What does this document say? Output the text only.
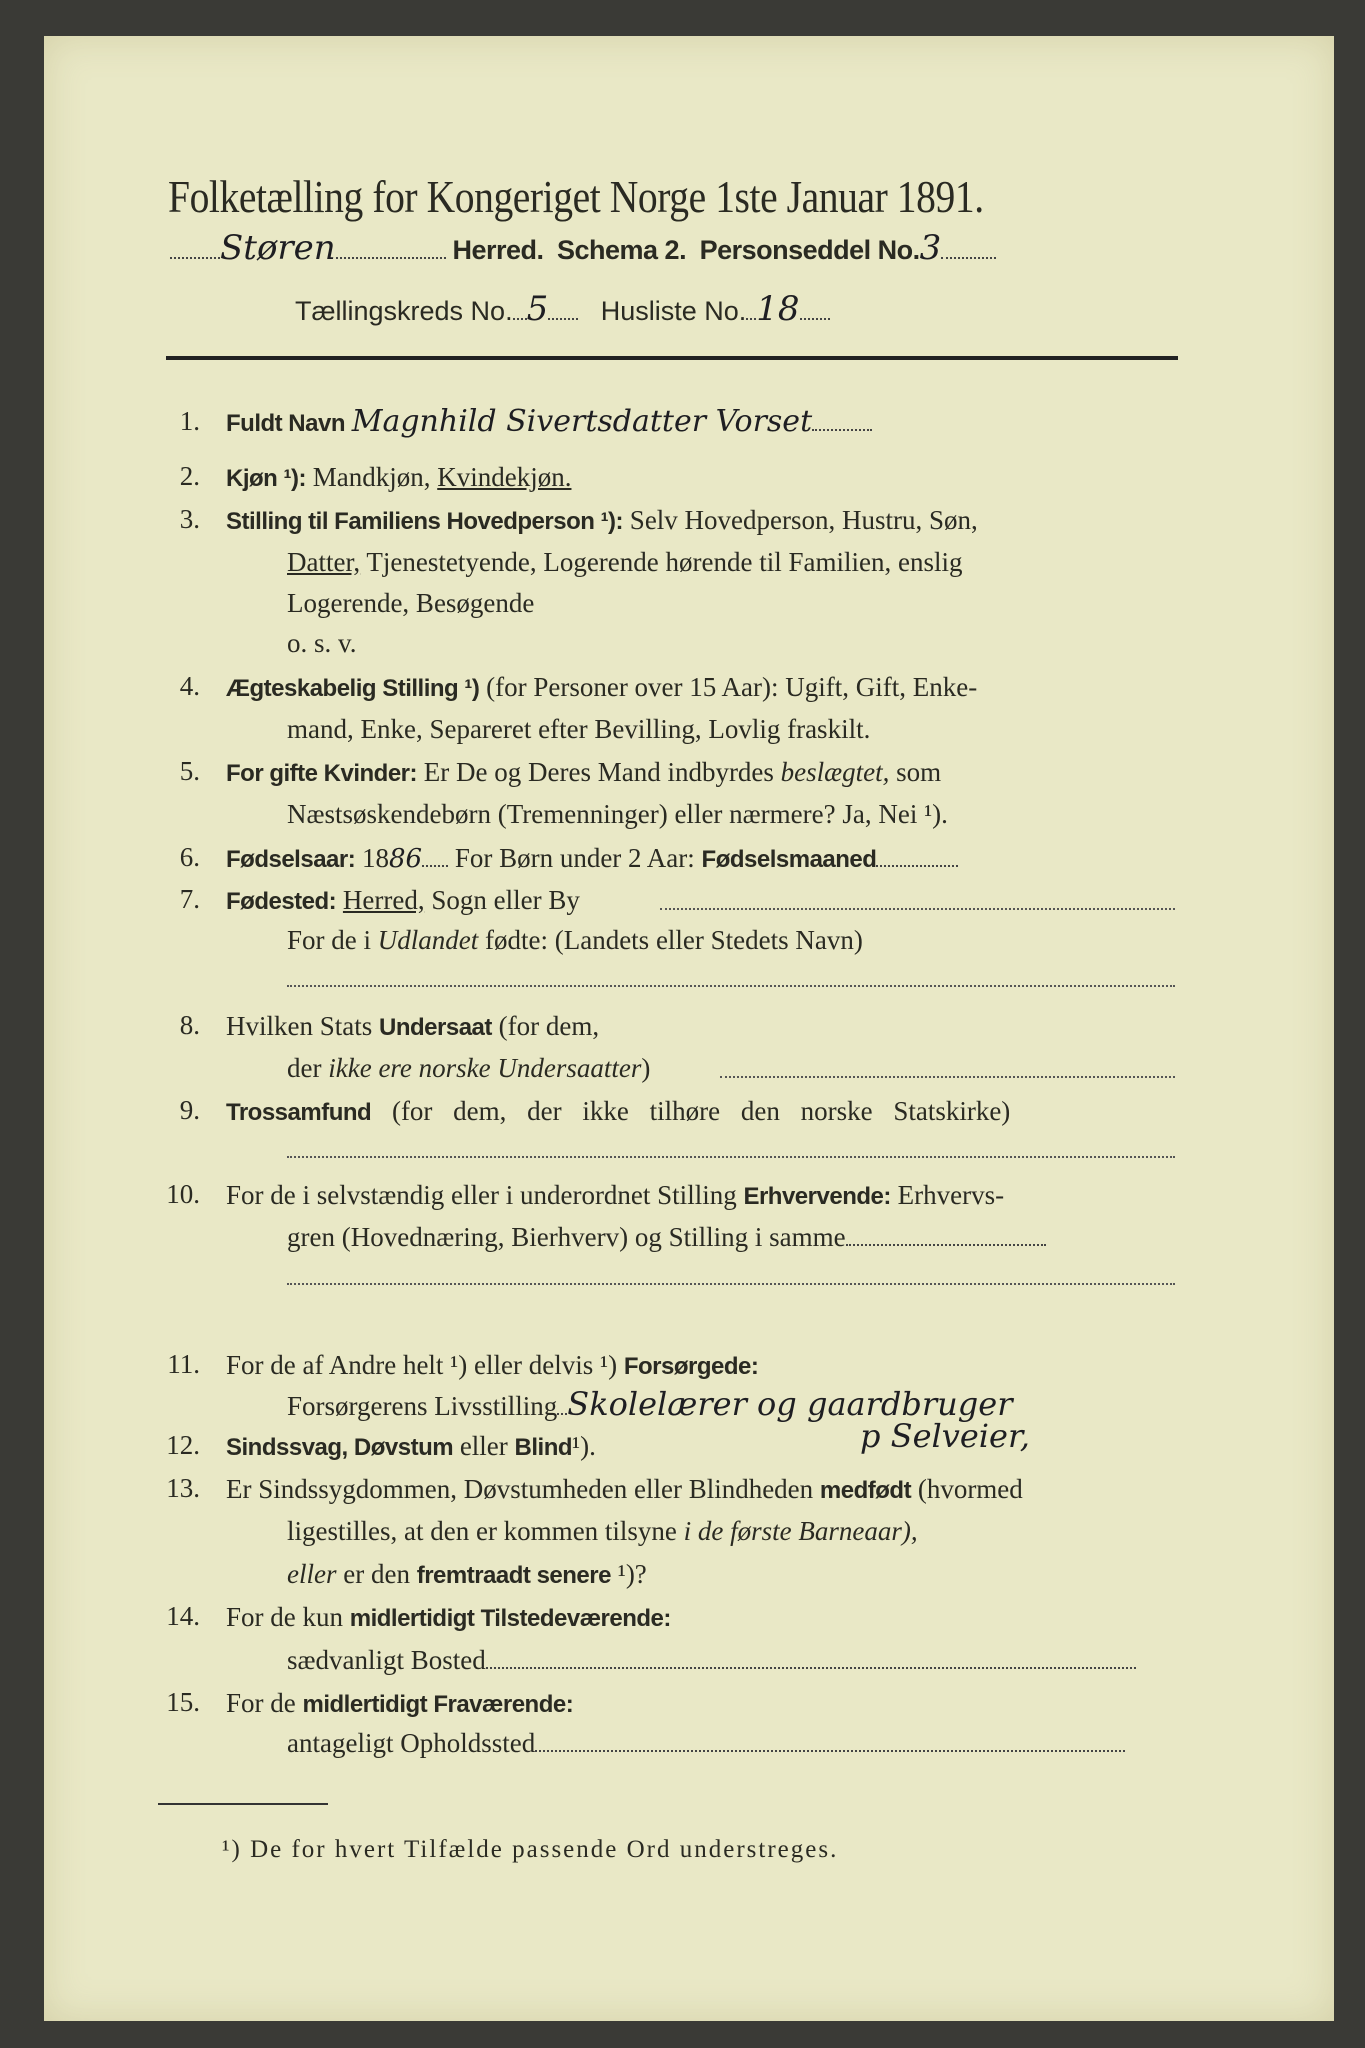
Folketælling for Kongeriget Norge 1ste Januar 1891.
Støren	Herred. Schema 2. Personseddel No.3
Tællingskreds No. 5 Husliste No. 18
1. Fuldt Navn Magnhild Sivertsdatter Vorset
2. Kjøn ¹): Mandkjøn, Kvindekjøn.
3. Stilling til Familiens Hovedperson ¹): Selv Hovedperson, Hustru, Søn,
Datter, Tjenestetyende, Logerende hørende til Familien, enslig
Logerende, Besøgende
o. s. v.
4. Ægteskabelig Stilling ¹) (for Personer over 15 Aar): Ugift, Gift, Enke-
mand, Enke, Separeret efter Bevilling, Lovlig fraskilt.
5. For gifte Kvinder: Er De og Deres Mand indbyrdes beslægtet, som
Næstsøskendebørn (Tremenninger) eller nærmere? Ja, Nei ¹).
6. Fødselsaar: 1886 For Børn under 2 Aar: Fødselsmaaned
7. Fødested: Herred, Sogn eller By
For de i Udlandet fødte: (Landets eller Stedets Navn)
8. Hvilken Stats Undersaat (for dem,
der ikke ere norske Undersaatter)
9. Trossamfund (for dem, der ikke tilhøre den norske Statskirke)
10. For de i selvstændig eller i underordnet Stilling Erhvervende: Erhvervs-
gren (Hovednæring, Bierhverv) og Stilling i samme
11. For de af Andre helt ¹) eller delvis ¹) Forsørgede:
Forsørgerens Livsstilling Skolelærer og gaardbruger
p Selveier,
12. Sindssvag, Døvstum eller Blind¹).
13. Er Sindssygdommen, Døvstumheden eller Blindheden medfødt (hvormed
ligestilles, at den er kommen tilsyne i de første Barneaar),
eller er den fremtraadt senere ¹)?
14. For de kun midlertidigt Tilstedeværende:
sædvanligt Bosted
15. For de midlertidigt Fraværende:
antageligt Opholdssted
¹) De for hvert Tilfælde passende Ord understreges.
